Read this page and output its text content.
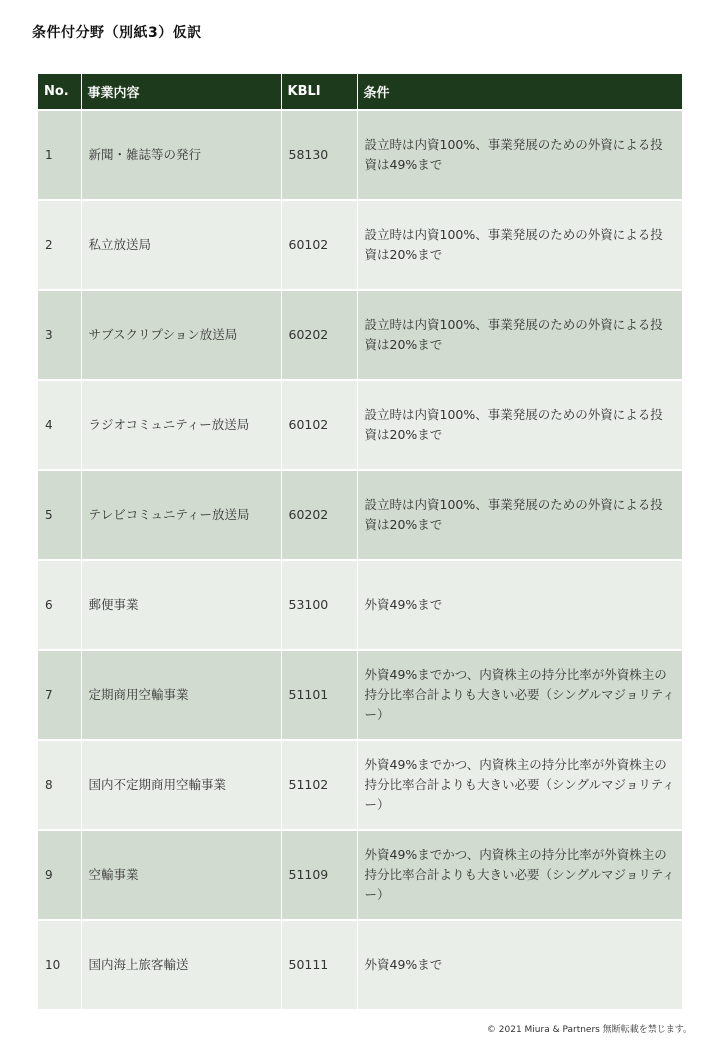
条件付分野（別紙3）仮訳
No.	事業内容	KBLI	条件
1	新聞・雑誌等の発行	58130	設立時は内資100%、事業発展のための外資による投資は49%まで
2	私立放送局	60102	設立時は内資100%、事業発展のための外資による投資は20%まで
3	サブスクリプション放送局	60202	設立時は内資100%、事業発展のための外資による投資は20%まで
4	ラジオコミュニティー放送局	60102	設立時は内資100%、事業発展のための外資による投資は20%まで
5	テレビコミュニティー放送局	60202	設立時は内資100%、事業発展のための外資による投資は20%まで
6	郵便事業	53100	外資49%まで
7	定期商用空輸事業	51101	外資49%までかつ、内資株主の持分比率が外資株主の持分比率合計よりも大きい必要（シングルマジョリティー）
8	国内不定期商用空輸事業	51102	外資49%までかつ、内資株主の持分比率が外資株主の持分比率合計よりも大きい必要（シングルマジョリティー）
9	空輸事業	51109	外資49%までかつ、内資株主の持分比率が外資株主の持分比率合計よりも大きい必要（シングルマジョリティー）
10	国内海上旅客輸送	50111	外資49%まで
© 2021 Miura & Partners 無断転載を禁じます。
